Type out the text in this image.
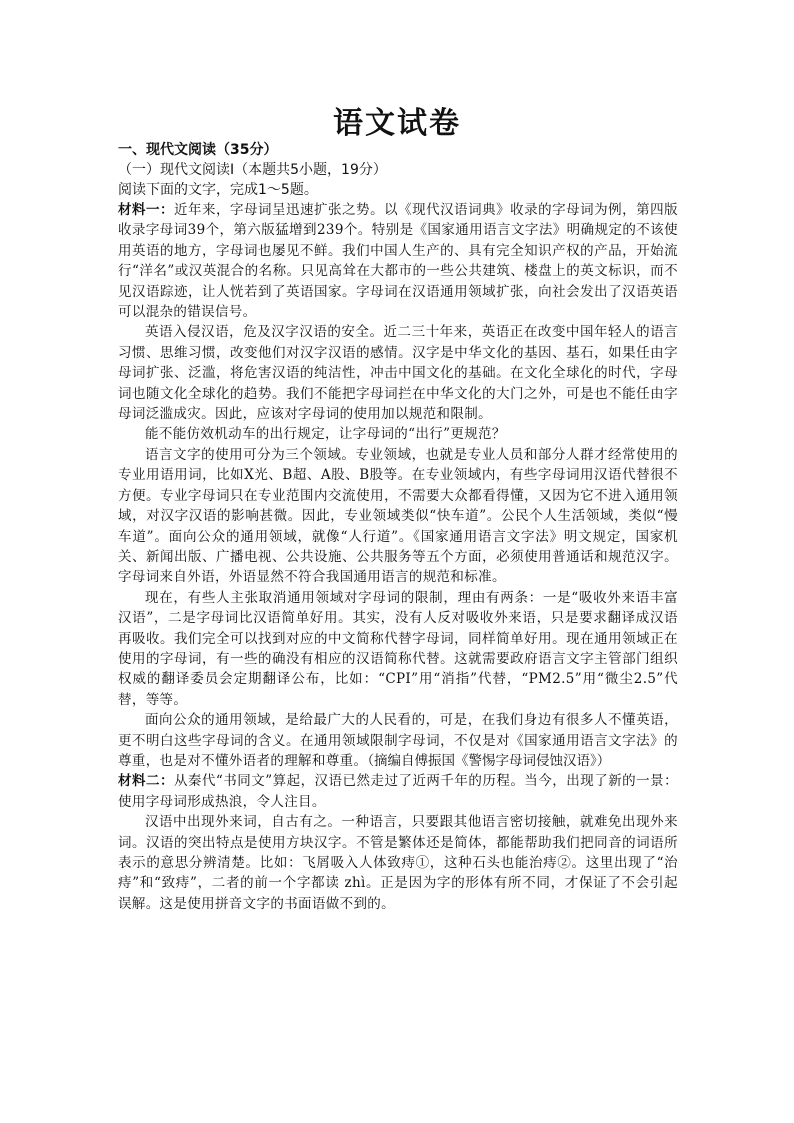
语文试卷
一、现代文阅读（35分）
（一）现代文阅读Ⅰ（本题共5小题，19分）
阅读下面的文字，完成1～5题。

材料一：近年来，字母词呈迅速扩张之势。以《现代汉语词典》收录的字母词为例，第四版收录字母词39个，第六版猛增到239个。特别是《国家通用语言文字法》明确规定的不该使用英语的地方，字母词也屡见不鲜。我们中国人生产的、具有完全知识产权的产品，开始流行“洋名”或汉英混合的名称。只见高耸在大都市的一些公共建筑、楼盘上的英文标识，而不见汉语踪迹，让人恍若到了英语国家。字母词在汉语通用领域扩张，向社会发出了汉语英语可以混杂的错误信号。

英语入侵汉语，危及汉字汉语的安全。近二三十年来，英语正在改变中国年轻人的语言习惯、思维习惯，改变他们对汉字汉语的感情。汉字是中华文化的基因、基石，如果任由字母词扩张、泛滥，将危害汉语的纯洁性，冲击中国文化的基础。在文化全球化的时代，字母词也随文化全球化的趋势。我们不能把字母词拦在中华文化的大门之外，可是也不能任由字母词泛滥成灾。因此，应该对字母词的使用加以规范和限制。

能不能仿效机动车的出行规定，让字母词的“出行”更规范？

语言文字的使用可分为三个领域。专业领域，也就是专业人员和部分人群才经常使用的专业用语用词，比如X光、B超、A股、B股等。在专业领域内，有些字母词用汉语代替很不方便。专业字母词只在专业范围内交流使用，不需要大众都看得懂，又因为它不进入通用领域，对汉字汉语的影响甚微。因此，专业领域类似“快车道”。公民个人生活领域，类似“慢车道”。面向公众的通用领域，就像“人行道”。《国家通用语言文字法》明文规定，国家机关、新闻出版、广播电视、公共设施、公共服务等五个方面，必须使用普通话和规范汉字。字母词来自外语，外语显然不符合我国通用语言的规范和标准。

现在，有些人主张取消通用领域对字母词的限制，理由有两条：一是“吸收外来语丰富汉语”，二是字母词比汉语简单好用。其实，没有人反对吸收外来语，只是要求翻译成汉语再吸收。我们完全可以找到对应的中文简称代替字母词，同样简单好用。现在通用领域正在使用的字母词，有一些的确没有相应的汉语简称代替。这就需要政府语言文字主管部门组织权威的翻译委员会定期翻译公布，比如：“CPI”用“消指”代替，“PM2.5”用“微尘2.5”代替，等等。

面向公众的通用领域，是给最广大的人民看的，可是，在我们身边有很多人不懂英语，更不明白这些字母词的含义。在通用领域限制字母词，不仅是对《国家通用语言文字法》的尊重，也是对不懂外语者的理解和尊重。（摘编自傅振国《警惕字母词侵蚀汉语》）

材料二：从秦代“书同文”算起，汉语已然走过了近两千年的历程。当今，出现了新的一景：使用字母词形成热浪，令人注目。

汉语中出现外来词，自古有之。一种语言，只要跟其他语言密切接触，就难免出现外来词。汉语的突出特点是使用方块汉字。不管是繁体还是简体，都能帮助我们把同音的词语所表示的意思分辨清楚。比如：飞屑吸入人体致痔①，这种石头也能治痔②。这里出现了“治痔”和“致痔”，二者的前一个字都读 zhì。正是因为字的形体有所不同，才保证了不会引起误解。这是使用拼音文字的书面语做不到的。
